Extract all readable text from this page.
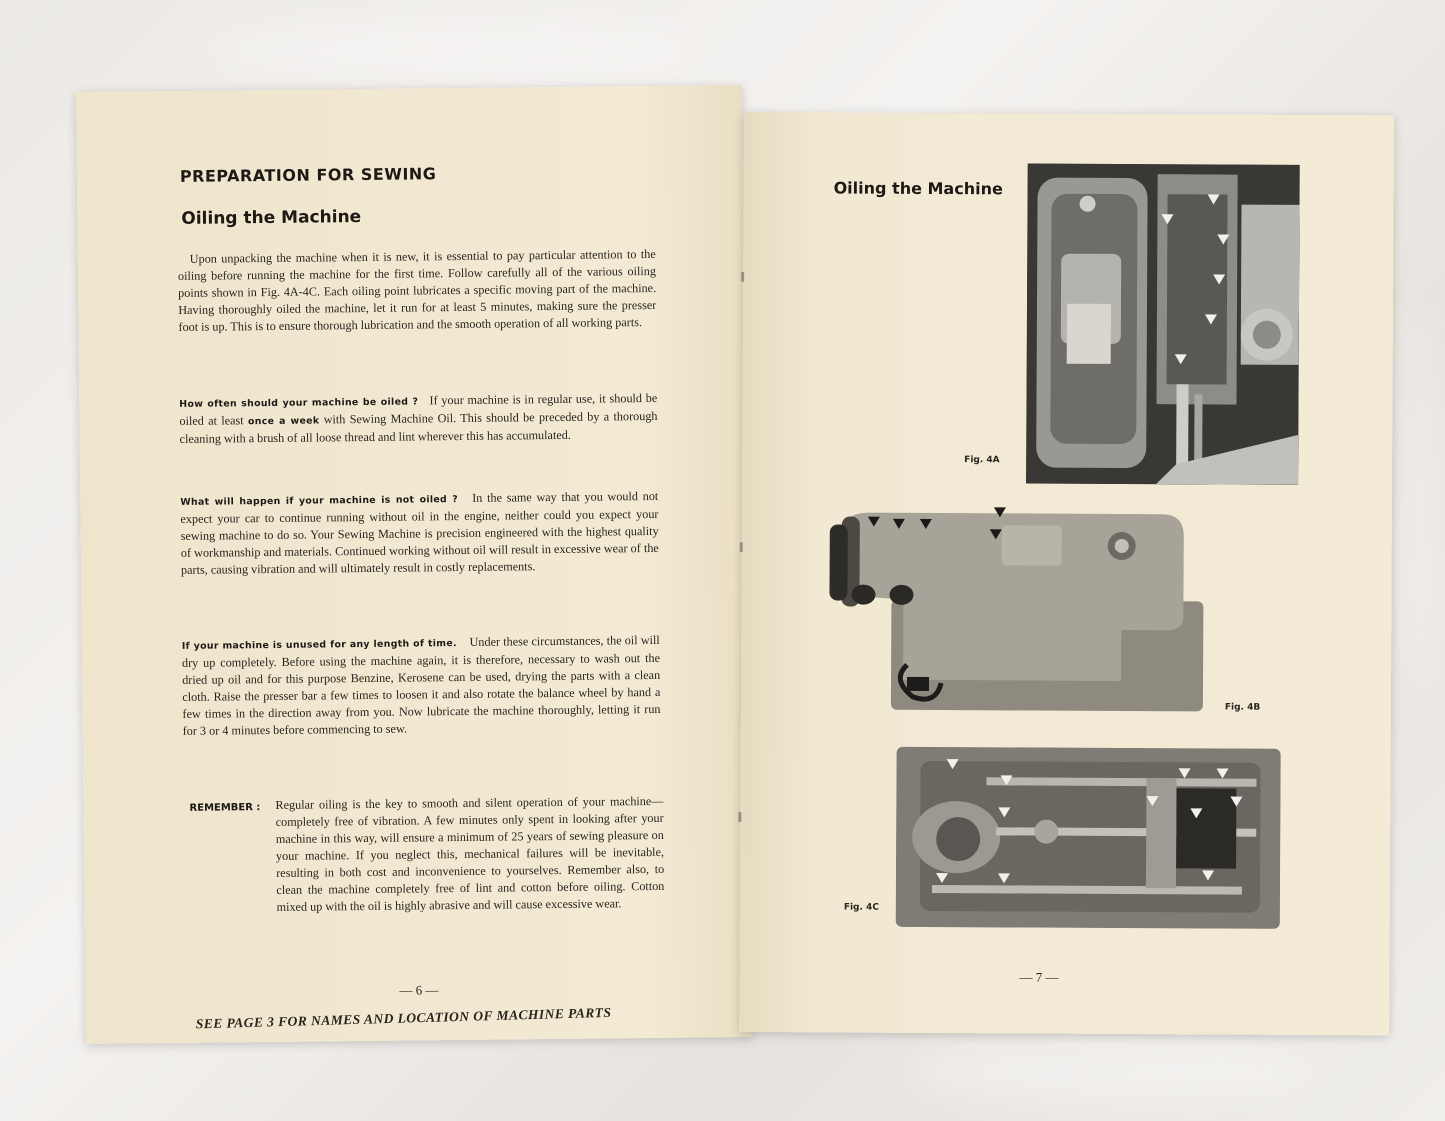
PREPARATION FOR SEWING
Oiling the Machine

Upon unpacking the machine when it is new, it is essential to pay particular attention to the oiling before running the machine for the first time. Follow carefully all of the various oiling points shown in Fig. 4A-4C. Each oiling point lubricates a specific moving part of the machine. Having thoroughly oiled the machine, let it run for at least 5 minutes, making sure the presser foot is up. This is to ensure thorough lubrication and the smooth operation of all working parts.

How often should your machine be oiled ? If your machine is in regular use, it should be oiled at least once a week with Sewing Machine Oil. This should be preceded by a thorough cleaning with a brush of all loose thread and lint wherever this has accumulated.

What will happen if your machine is not oiled ? In the same way that you would not expect your car to continue running without oil in the engine, neither could you expect your sewing machine to do so. Your Sewing Machine is precision engineered with the highest quality of workmanship and materials. Continued working without oil will result in excessive wear of the parts, causing vibration and will ultimately result in costly replacements.

If your machine is unused for any length of time. Under these circumstances, the oil will dry up completely. Before using the machine again, it is therefore, necessary to wash out the dried up oil and for this purpose Benzine, Kerosene can be used, drying the parts with a clean cloth. Raise the presser bar a few times to loosen it and also rotate the balance wheel by hand a few times in the direction away from you. Now lubricate the machine thoroughly, letting it run for 3 or 4 minutes before commencing to sew.

REMEMBER : Regular oiling is the key to smooth and silent operation of your machine—completely free of vibration. A few minutes only spent in looking after your machine in this way, will ensure a minimum of 25 years of sewing pleasure on your machine. If you neglect this, mechanical failures will be inevitable, resulting in both cost and inconvenience to yourselves. Remember also, to clean the machine completely free of lint and cotton before oiling. Cotton mixed up with the oil is highly abrasive and will cause excessive wear.

— 6 —

SEE PAGE 3 FOR NAMES AND LOCATION OF MACHINE PARTS

Oiling the Machine

Fig. 4A

Fig. 4B

Fig. 4C

— 7 —
